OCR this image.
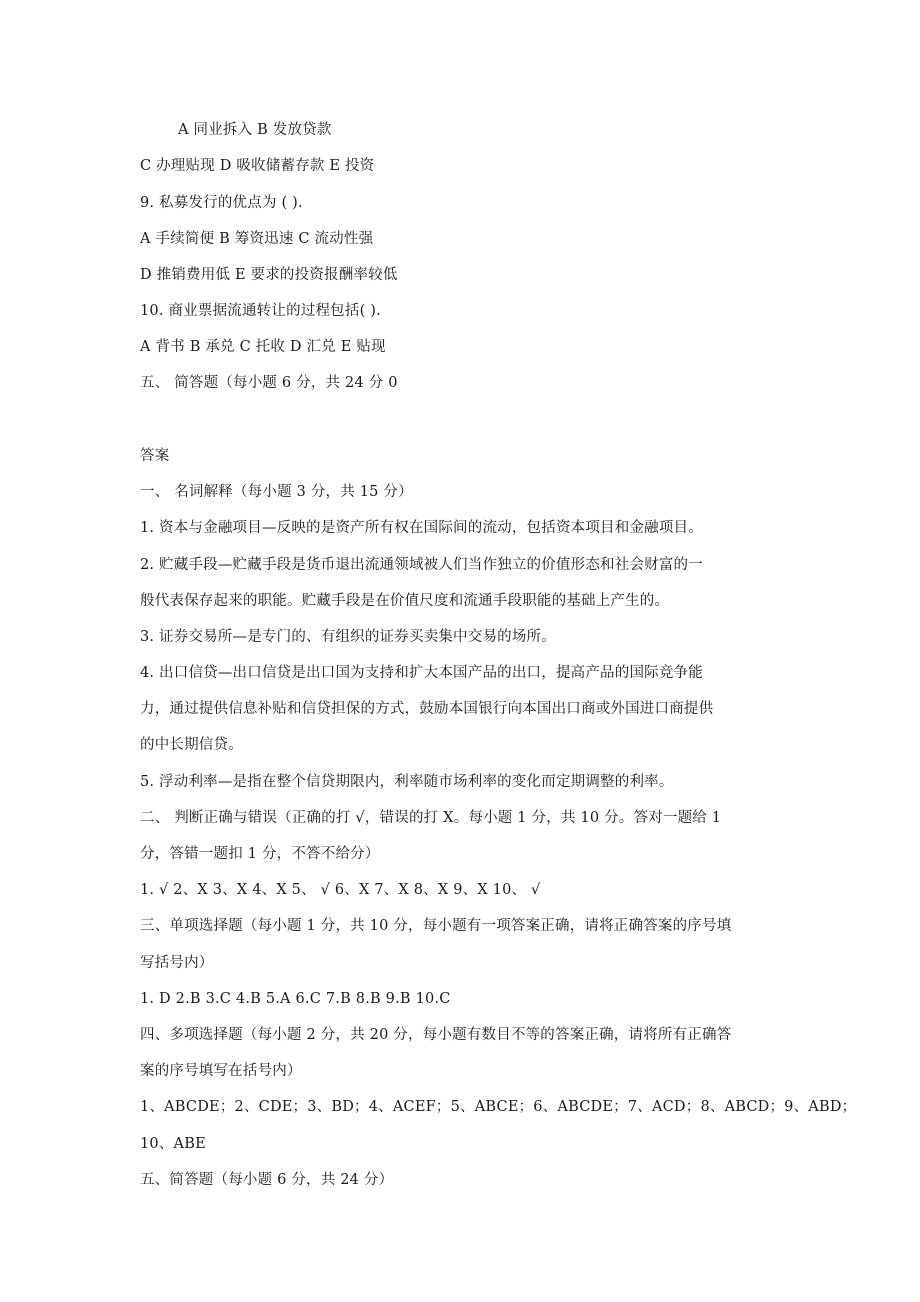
A 同业拆入 B 发放贷款
C 办理贴现 D 吸收储蓄存款 E 投资
9. 私募发行的优点为 ( ).
A 手续简便 B 筹资迅速 C 流动性强
D 推销费用低 E 要求的投资报酬率较低
10. 商业票据流通转让的过程包括( ).
A 背书 B 承兑 C 托收 D 汇兑 E 贴现
五、 简答题（每小题 6 分，共 24 分 0
答案
一、 名词解释（每小题 3 分，共 15 分）
1. 资本与金融项目—反映的是资产所有权在国际间的流动，包括资本项目和金融项目。
2. 贮藏手段—贮藏手段是货币退出流通领域被人们当作独立的价值形态和社会财富的一
般代表保存起来的职能。贮藏手段是在价值尺度和流通手段职能的基础上产生的。
3. 证券交易所—是专门的、有组织的证券买卖集中交易的场所。
4. 出口信贷—出口信贷是出口国为支持和扩大本国产品的出口，提高产品的国际竞争能
力，通过提供信息补贴和信贷担保的方式，鼓励本国银行向本国出口商或外国进口商提供
的中长期信贷。
5. 浮动利率—是指在整个信贷期限内，利率随市场利率的变化而定期调整的利率。
二、 判断正确与错误（正确的打 √，错误的打 X。每小题 1 分，共 10 分。答对一题给 1
分，答错一题扣 1 分，不答不给分）
1. √ 2、X 3、X 4、X 5、 √ 6、X 7、X 8、X 9、X 10、 √
三、单项选择题（每小题 1 分，共 10 分，每小题有一项答案正确，请将正确答案的序号填
写括号内）
1. D 2.B 3.C 4.B 5.A 6.C 7.B 8.B 9.B 10.C
四、多项选择题（每小题 2 分，共 20 分，每小题有数目不等的答案正确，请将所有正确答
案的序号填写在括号内）
1、ABCDE；2、CDE；3、BD；4、ACEF；5、ABCE；6、ABCDE；7、ACD；8、ABCD；9、ABD；
10、ABE
五、简答题（每小题 6 分，共 24 分）
